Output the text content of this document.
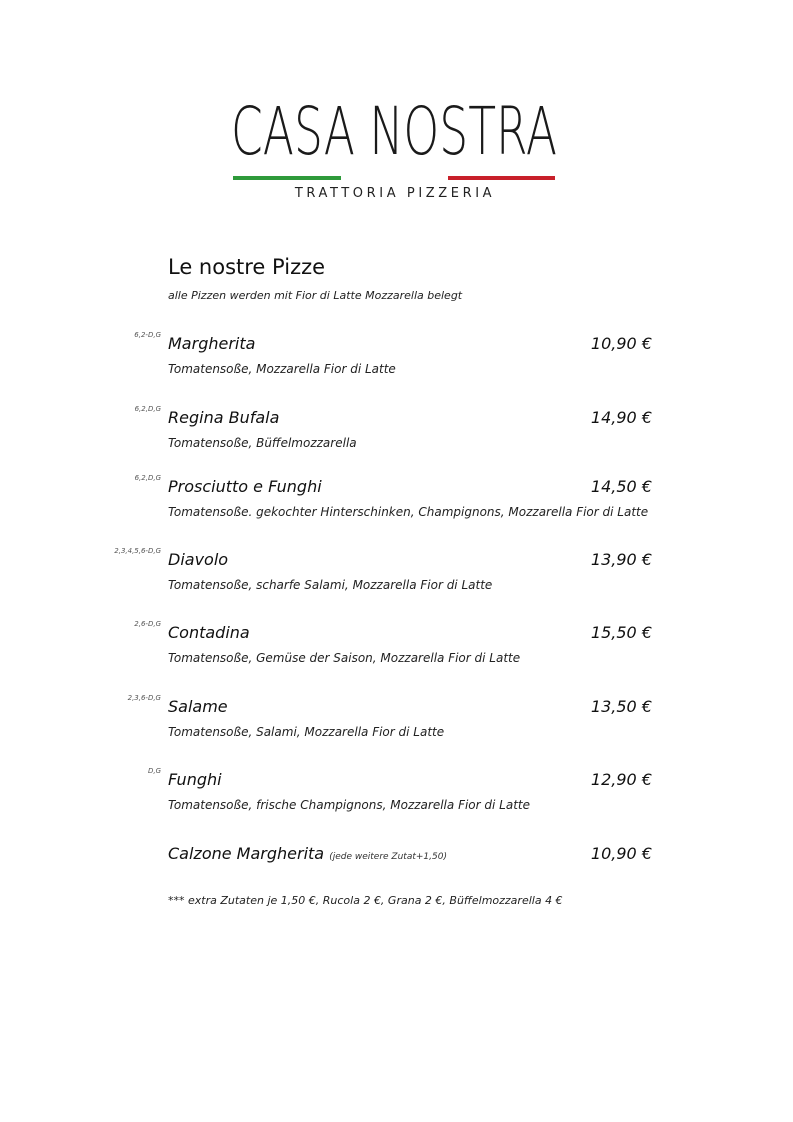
CASA NOSTRA
TRATTORIA PIZZERIA
Le nostre Pizze
alle Pizzen werden mit Fior di Latte Mozzarella belegt
6,2-D,G Margherita	10,90 €
Tomatensoße, Mozzarella Fior di Latte
6,2,D,G Regina Bufala	14,90 €
Tomatensoße, Büffelmozzarella
6,2,D,G Prosciutto e Funghi	14,50 €
Tomatensoße. gekochter Hinterschinken, Champignons, Mozzarella Fior di Latte
2,3,4,5,6-D,G Diavolo	13,90 €
Tomatensoße, scharfe Salami, Mozzarella Fior di Latte
2,6-D,G Contadina	15,50 €
Tomatensoße, Gemüse der Saison, Mozzarella Fior di Latte
2,3,6-D,G Salame	13,50 €
Tomatensoße, Salami, Mozzarella Fior di Latte
D,G Funghi	12,90 €
Tomatensoße, frische Champignons, Mozzarella Fior di Latte
Calzone Margherita (jede weitere Zutat+1,50)	10,90 €
*** extra Zutaten je 1,50 €, Rucola 2 €, Grana 2 €, Büffelmozzarella 4 €
